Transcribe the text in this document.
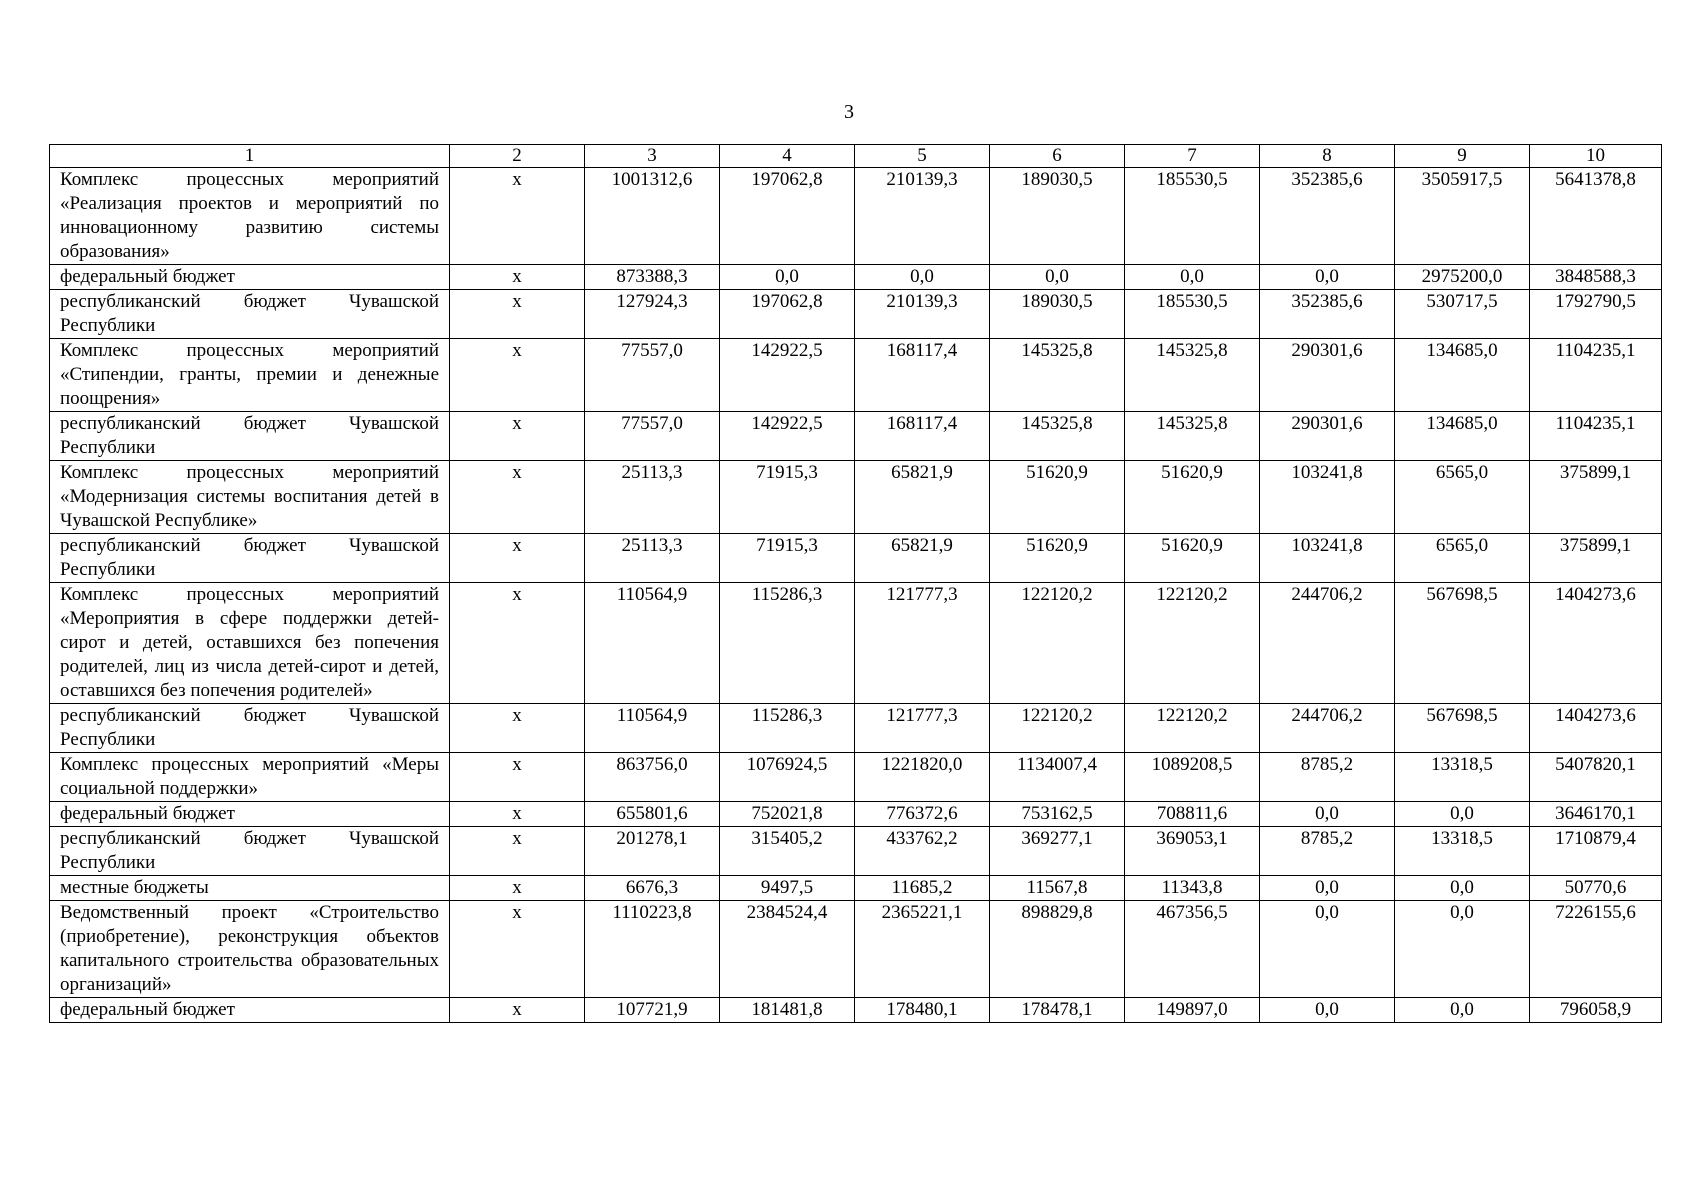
3
1	2	3	4	5	6	7	8	9	10
Комплекс процессных мероприятий «Реализация проектов и мероприятий по инновационному развитию системы образования»	x	1001312,6	197062,8	210139,3	189030,5	185530,5	352385,6	3505917,5	5641378,8
федеральный бюджет	x	873388,3	0,0	0,0	0,0	0,0	0,0	2975200,0	3848588,3
республиканский бюджет Чувашской Республики	x	127924,3	197062,8	210139,3	189030,5	185530,5	352385,6	530717,5	1792790,5
Комплекс процессных мероприятий «Стипендии, гранты, премии и денежные поощрения»	x	77557,0	142922,5	168117,4	145325,8	145325,8	290301,6	134685,0	1104235,1
республиканский бюджет Чувашской Республики	x	77557,0	142922,5	168117,4	145325,8	145325,8	290301,6	134685,0	1104235,1
Комплекс процессных мероприятий «Модернизация системы воспитания детей в Чувашской Республике»	x	25113,3	71915,3	65821,9	51620,9	51620,9	103241,8	6565,0	375899,1
республиканский бюджет Чувашской Республики	x	25113,3	71915,3	65821,9	51620,9	51620,9	103241,8	6565,0	375899,1
Комплекс процессных мероприятий «Мероприятия в сфере поддержки детей-сирот и детей, оставшихся без попечения родителей, лиц из числа детей-сирот и детей, оставшихся без попечения родителей»	x	110564,9	115286,3	121777,3	122120,2	122120,2	244706,2	567698,5	1404273,6
республиканский бюджет Чувашской Республики	x	110564,9	115286,3	121777,3	122120,2	122120,2	244706,2	567698,5	1404273,6
Комплекс процессных мероприятий «Меры социальной поддержки»	x	863756,0	1076924,5	1221820,0	1134007,4	1089208,5	8785,2	13318,5	5407820,1
федеральный бюджет	x	655801,6	752021,8	776372,6	753162,5	708811,6	0,0	0,0	3646170,1
республиканский бюджет Чувашской Республики	x	201278,1	315405,2	433762,2	369277,1	369053,1	8785,2	13318,5	1710879,4
местные бюджеты	x	6676,3	9497,5	11685,2	11567,8	11343,8	0,0	0,0	50770,6
Ведомственный проект «Строительство (приобретение), реконструкция объектов капитального строительства образовательных организаций»	x	1110223,8	2384524,4	2365221,1	898829,8	467356,5	0,0	0,0	7226155,6
федеральный бюджет	x	107721,9	181481,8	178480,1	178478,1	149897,0	0,0	0,0	796058,9
